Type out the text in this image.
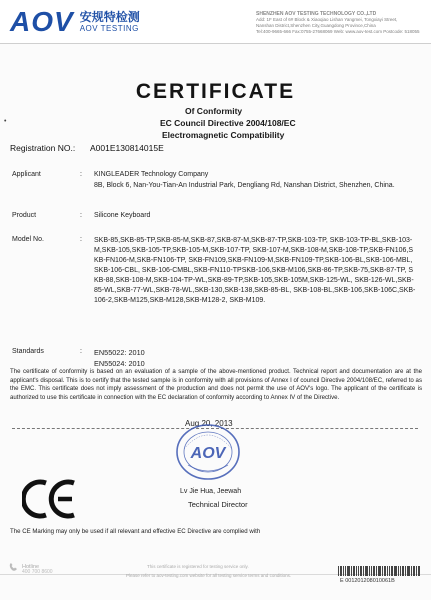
AOV 安规特检测
AOV TESTING
SHENZHEN AOV TESTING TECHNOLOGY CO.,LTD
Add: 1F East of 6# Block & Xiaoqiao Lishan Yangmei, Tongxiayi Street,
Nanshan District,Shenzhen City,Guangdong Province,China
Tel:400-9665-666 Fax:0755-27668069 Web: www.aov-test.com Postcode: 518055
•
CERTIFICATE
Of Conformity
EC Council Directive 2004/108/EC
Electromagnetic Compatibility
Registration NO.: A001E130814015E
Applicant	: KINGLEADER Technology Company
8B, Block 6, Nan-You-Tian-An Industrial Park, Dengliang Rd, Nanshan District, Shenzhen, China.
Product	: Silicone Keyboard
Model No.	: SKB-85,SKB-85-TP,SKB-85-M,SKB-87,SKB-87-M,SKB-87-TP,SKB-103-TP, SKB-103-TP-BL,SKB-103-M,SKB-105,SKB-105-TP,SKB-105-M,SKB-107-TP, SKB-107-M,SKB-108-M,SKB-108-TP,SKB-FN106,SKB-FN106-M,SKB-FN106-TP, SKB-FN109,SKB-FN109-M,SKB-FN109-TP,SKB-106-BL,SKB-106-MBL,SKB-106-CBL, SKB-106-CMBL,SKB-FN110-TPSKB-106,SKB-M106,SKB-86-TP,SKB-75,SKB-87-TP, SKB-88,SKB-108-M,SKB-104-TP-WL,SKB-89-TP,SKB-105,SKB-105M,SKB-125-WL, SKB-126-WL,SKB-85-WL,SKB-77-WL,SKB-78-WL,SKB-130,SKB-138,SKB-85-BL, SKB-108-BL,SKB-106,SKB-106C,SKB-106-2,SKB-M125,SKB-M128,SKB-M128-2, SKB-M109.
Standards	: EN55022: 2010
EN55024: 2010
The certificate of conformity is based on an evaluation of a sample of the above-mentioned product. Technical report and documentation are at the applicant's disposal. This is to certify that the tested sample is in conformity with all provisions of Annex I of council Directive 2004/108/EC, referred to as the EMC. This certificate does not imply assessment of the production and does not permit the use of AOV's logo. The applicant of the certificate is authorized to use this certificate in connection with the EC declaration of conformity according to Annex IV of the Directive.
Aug 20, 2013
AOV
Lv Jie Hua, Jeewah
Technical Director
The CE Marking may only be used if all relevant and effective EC Directive are complied with
Hotline
400 700 8600
This certificate is registered for testing service only.
Please refer to aov-testing.com website for all testing service terms and conditions.
E 001201208010061B
